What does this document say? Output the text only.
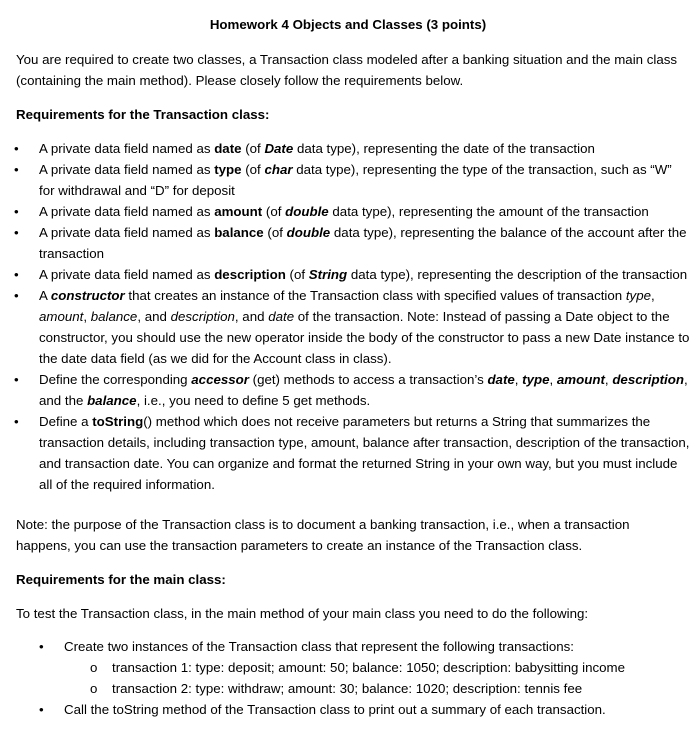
Homework 4 Objects and Classes (3 points)

You are required to create two classes, a Transaction class modeled after a banking situation and the main class (containing the main method). Please closely follow the requirements below.

Requirements for the Transaction class:

• A private data field named as date (of Date data type), representing the date of the transaction
• A private data field named as type (of char data type), representing the type of the transaction, such as “W” for withdrawal and “D” for deposit
• A private data field named as amount (of double data type), representing the amount of the transaction
• A private data field named as balance (of double data type), representing the balance of the account after the transaction
• A private data field named as description (of String data type), representing the description of the transaction
• A constructor that creates an instance of the Transaction class with specified values of transaction type, amount, balance, and description, and date of the transaction. Note: Instead of passing a Date object to the constructor, you should use the new operator inside the body of the constructor to pass a new Date instance to the date data field (as we did for the Account class in class).
• Define the corresponding accessor (get) methods to access a transaction’s date, type, amount, description, and the balance, i.e., you need to define 5 get methods.
• Define a toString() method which does not receive parameters but returns a String that summarizes the transaction details, including transaction type, amount, balance after transaction, description of the transaction, and transaction date. You can organize and format the returned String in your own way, but you must include all of the required information.

Note: the purpose of the Transaction class is to document a banking transaction, i.e., when a transaction happens, you can use the transaction parameters to create an instance of the Transaction class.

Requirements for the main class:

To test the Transaction class, in the main method of your main class you need to do the following:

• Create two instances of the Transaction class that represent the following transactions:
o transaction 1: type: deposit; amount: 50; balance: 1050; description: babysitting income
o transaction 2: type: withdraw; amount: 30; balance: 1020; description: tennis fee
• Call the toString method of the Transaction class to print out a summary of each transaction.
